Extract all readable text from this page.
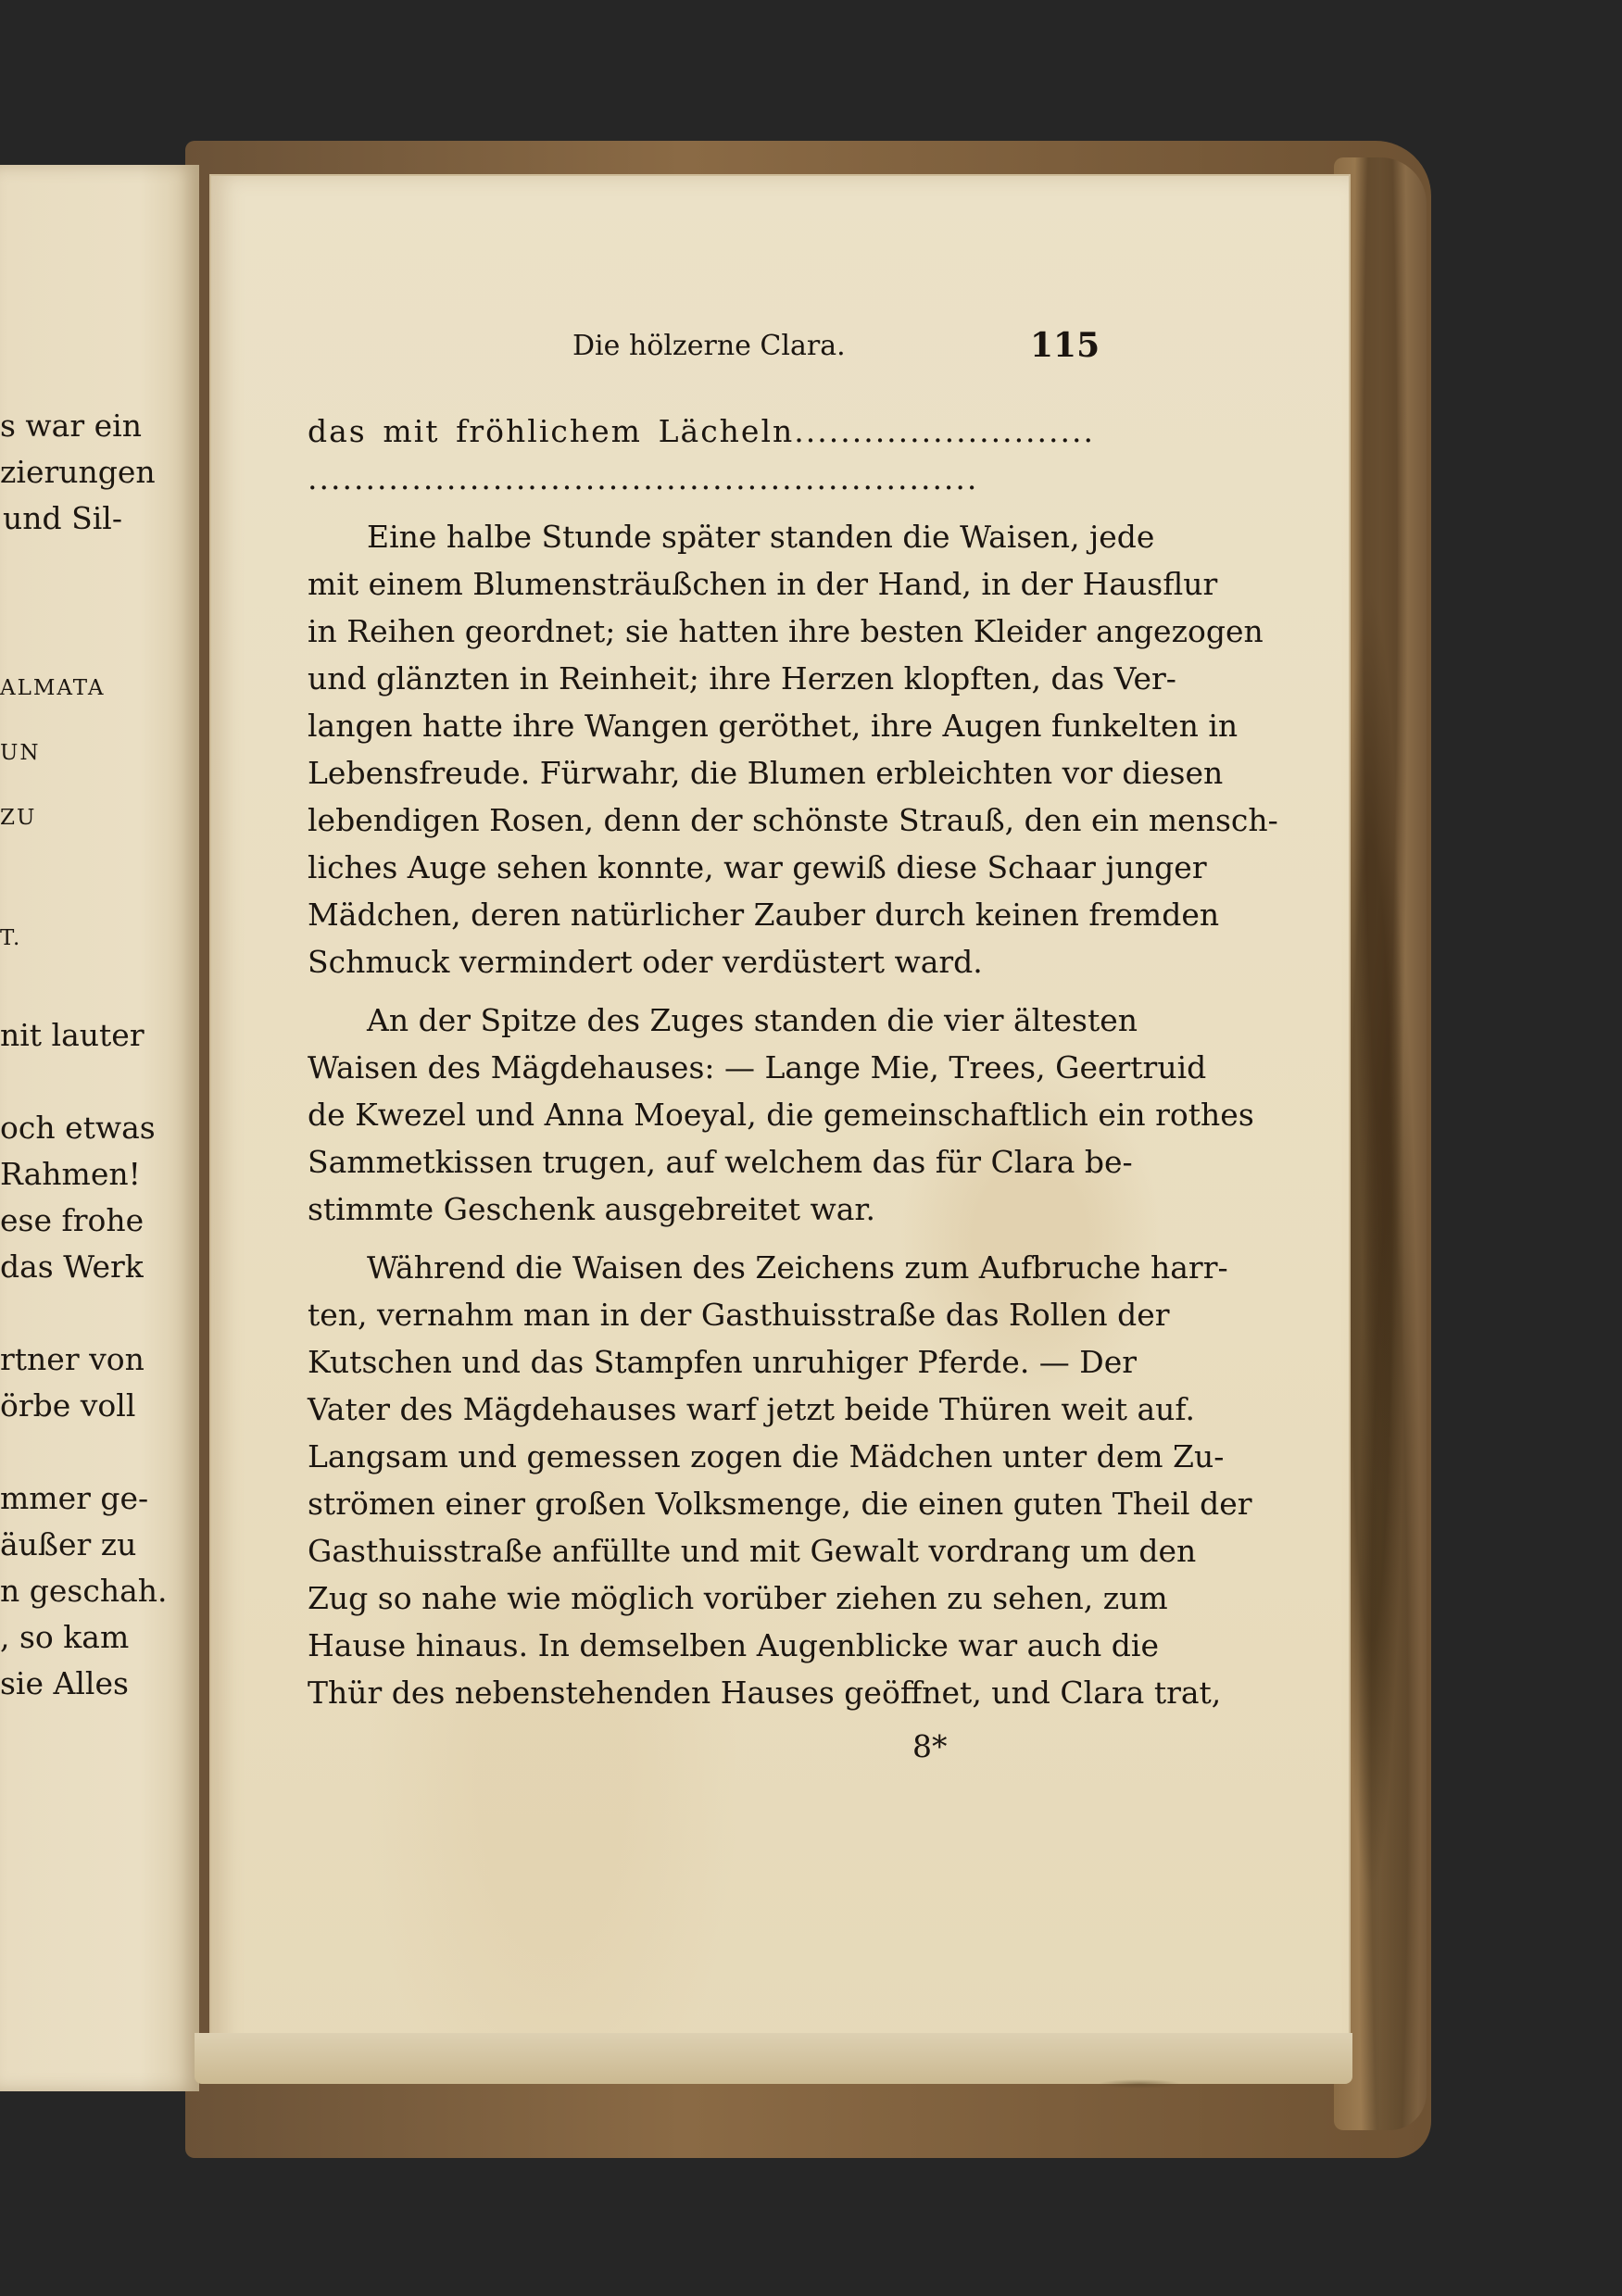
s war ein
zierungen
und Sil-
ALMATA
UN
ZU
T.
nit lauter
och etwas
Rahmen!
ese frohe
das Werk
rtner von
örbe voll
mmer ge-
äußer zu
n geschah.
, so kam
sie Alles
Die hölzerne Clara.	115
das mit fröhlichem Lächeln..........................
..........................................................
Eine halbe Stunde später standen die Waisen, jede
mit einem Blumensträußchen in der Hand, in der Hausflur
in Reihen geordnet; sie hatten ihre besten Kleider angezogen
und glänzten in Reinheit; ihre Herzen klopften, das Ver-
langen hatte ihre Wangen geröthet, ihre Augen funkelten in
Lebensfreude. Fürwahr, die Blumen erbleichten vor diesen
lebendigen Rosen, denn der schönste Strauß, den ein mensch-
liches Auge sehen konnte, war gewiß diese Schaar junger
Mädchen, deren natürlicher Zauber durch keinen fremden
Schmuck vermindert oder verdüstert ward.
An der Spitze des Zuges standen die vier ältesten
Waisen des Mägdehauses: — Lange Mie, Trees, Geertruid
de Kwezel und Anna Moeyal, die gemeinschaftlich ein rothes
Sammetkissen trugen, auf welchem das für Clara be-
stimmte Geschenk ausgebreitet war.
Während die Waisen des Zeichens zum Aufbruche harr-
ten, vernahm man in der Gasthuisstraße das Rollen der
Kutschen und das Stampfen unruhiger Pferde. — Der
Vater des Mägdehauses warf jetzt beide Thüren weit auf.
Langsam und gemessen zogen die Mädchen unter dem Zu-
strömen einer großen Volksmenge, die einen guten Theil der
Gasthuisstraße anfüllte und mit Gewalt vordrang um den
Zug so nahe wie möglich vorüber ziehen zu sehen, zum
Hause hinaus. In demselben Augenblicke war auch die
Thür des nebenstehenden Hauses geöffnet, und Clara trat,
8*
